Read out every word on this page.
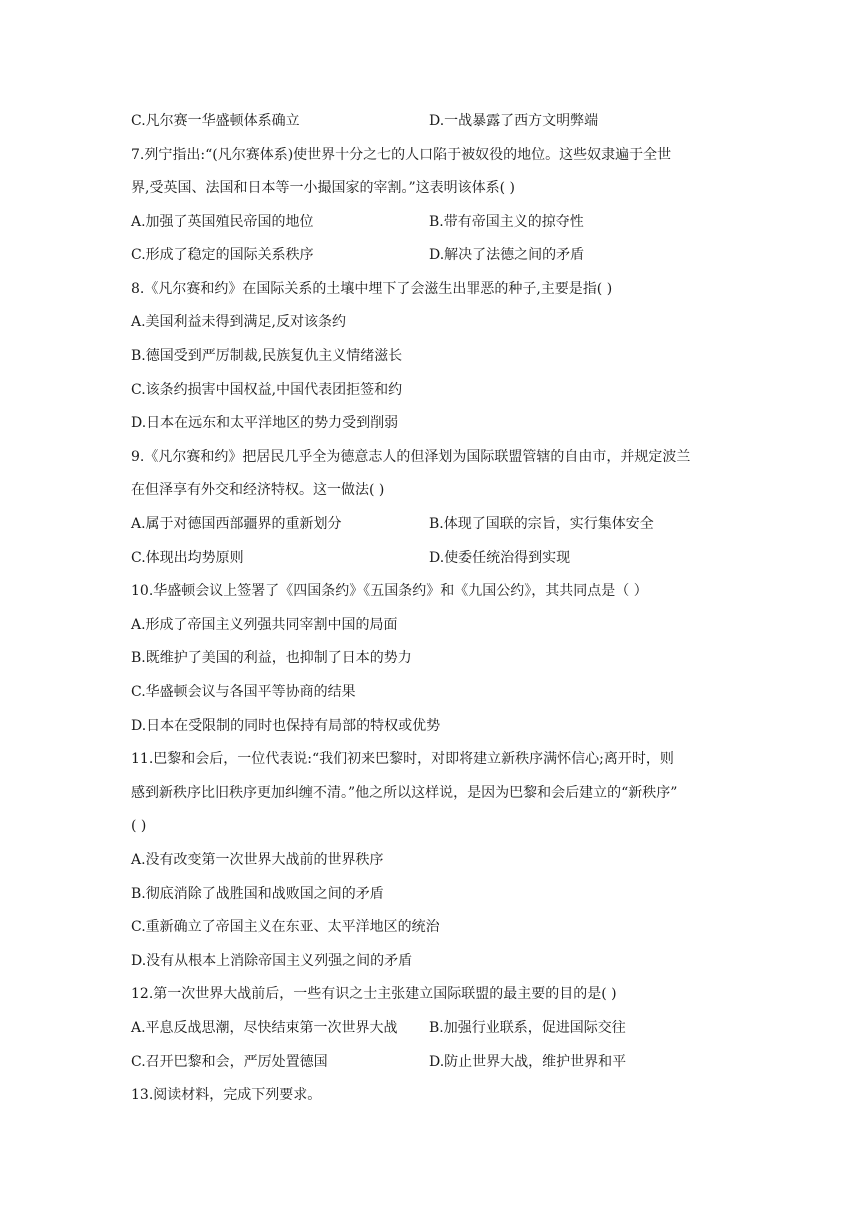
C.凡尔赛一华盛顿体系确立	D.一战暴露了西方文明弊端
7.列宁指出:“(凡尔赛体系)使世界十分之七的人口陷于被奴役的地位。这些奴隶遍于全世
界,受英国、法国和日本等一小撮国家的宰割。”这表明该体系( )
A.加强了英国殖民帝国的地位	B.带有帝国主义的掠夺性
C.形成了稳定的国际关系秩序	D.解决了法德之间的矛盾
8.《凡尔赛和约》在国际关系的土壤中埋下了会滋生出罪恶的种子,主要是指( )
A.美国利益未得到满足,反对该条约
B.德国受到严厉制裁,民族复仇主义情绪滋长
C.该条约损害中国权益,中国代表团拒签和约
D.日本在远东和太平洋地区的势力受到削弱
9.《凡尔赛和约》把居民几乎全为德意志人的但泽划为国际联盟管辖的自由市，并规定波兰
在但泽享有外交和经济特权。这一做法( )
A.属于对德国西部疆界的重新划分	B.体现了国联的宗旨，实行集体安全
C.体现出均势原则	D.使委任统治得到实现
10.华盛顿会议上签署了《四国条约》《五国条约》和《九国公约》，其共同点是（ ）
A.形成了帝国主义列强共同宰割中国的局面
B.既维护了美国的利益，也抑制了日本的势力
C.华盛顿会议与各国平等协商的结果
D.日本在受限制的同时也保持有局部的特权或优势
11.巴黎和会后，一位代表说:“我们初来巴黎时，对即将建立新秩序满怀信心;离开时，则
感到新秩序比旧秩序更加纠缠不清。”他之所以这样说，是因为巴黎和会后建立的“新秩序”
( )
A.没有改变第一次世界大战前的世界秩序
B.彻底消除了战胜国和战败国之间的矛盾
C.重新确立了帝国主义在东亚、太平洋地区的统治
D.没有从根本上消除帝国主义列强之间的矛盾
12.第一次世界大战前后，一些有识之士主张建立国际联盟的最主要的目的是( )
A.平息反战思潮，尽快结束第一次世界大战 B.加强行业联系，促进国际交往
C.召开巴黎和会，严厉处置德国	D.防止世界大战，维护世界和平
13.阅读材料，完成下列要求。
